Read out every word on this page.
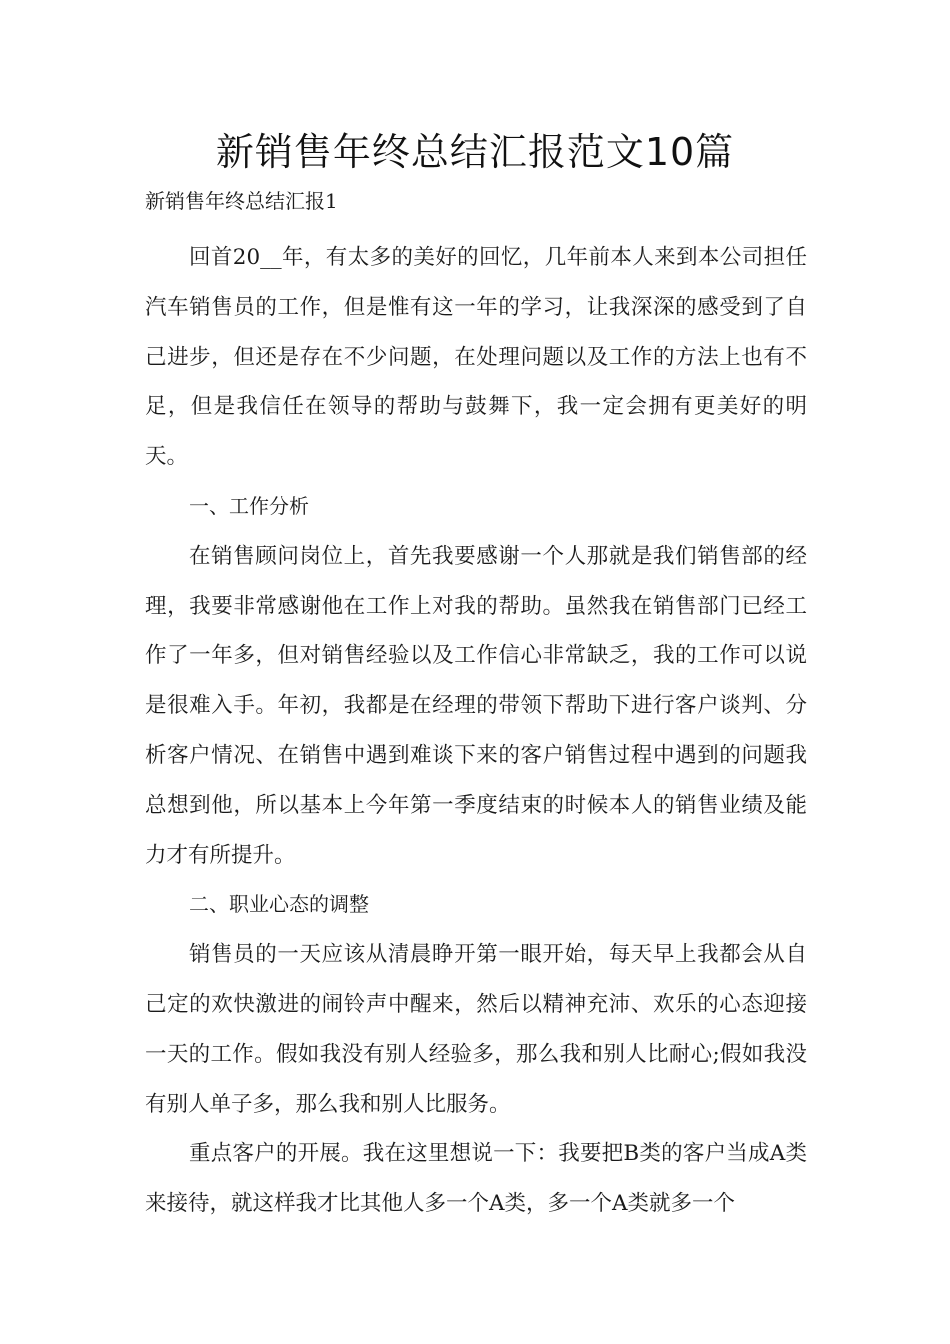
新销售年终总结汇报范文10篇

新销售年终总结汇报1

回首20__年，有太多的美好的回忆，几年前本人来到本公司担任汽车销售员的工作，但是惟有这一年的学习，让我深深的感受到了自己进步，但还是存在不少问题，在处理问题以及工作的方法上也有不足，但是我信任在领导的帮助与鼓舞下，我一定会拥有更美好的明天。

一、工作分析

在销售顾问岗位上，首先我要感谢一个人那就是我们销售部的经理，我要非常感谢他在工作上对我的帮助。虽然我在销售部门已经工作了一年多，但对销售经验以及工作信心非常缺乏，我的工作可以说是很难入手。年初，我都是在经理的带领下帮助下进行客户谈判、分析客户情况、在销售中遇到难谈下来的客户销售过程中遇到的问题我总想到他，所以基本上今年第一季度结束的时候本人的销售业绩及能力才有所提升。

二、职业心态的调整

销售员的一天应该从清晨睁开第一眼开始，每天早上我都会从自己定的欢快激进的闹铃声中醒来，然后以精神充沛、欢乐的心态迎接一天的工作。假如我没有别人经验多，那么我和别人比耐心;假如我没有别人单子多，那么我和别人比服务。

重点客户的开展。我在这里想说一下：我要把B类的客户当成A类来接待，就这样我才比其他人多一个A类，多一个A类就多一个
